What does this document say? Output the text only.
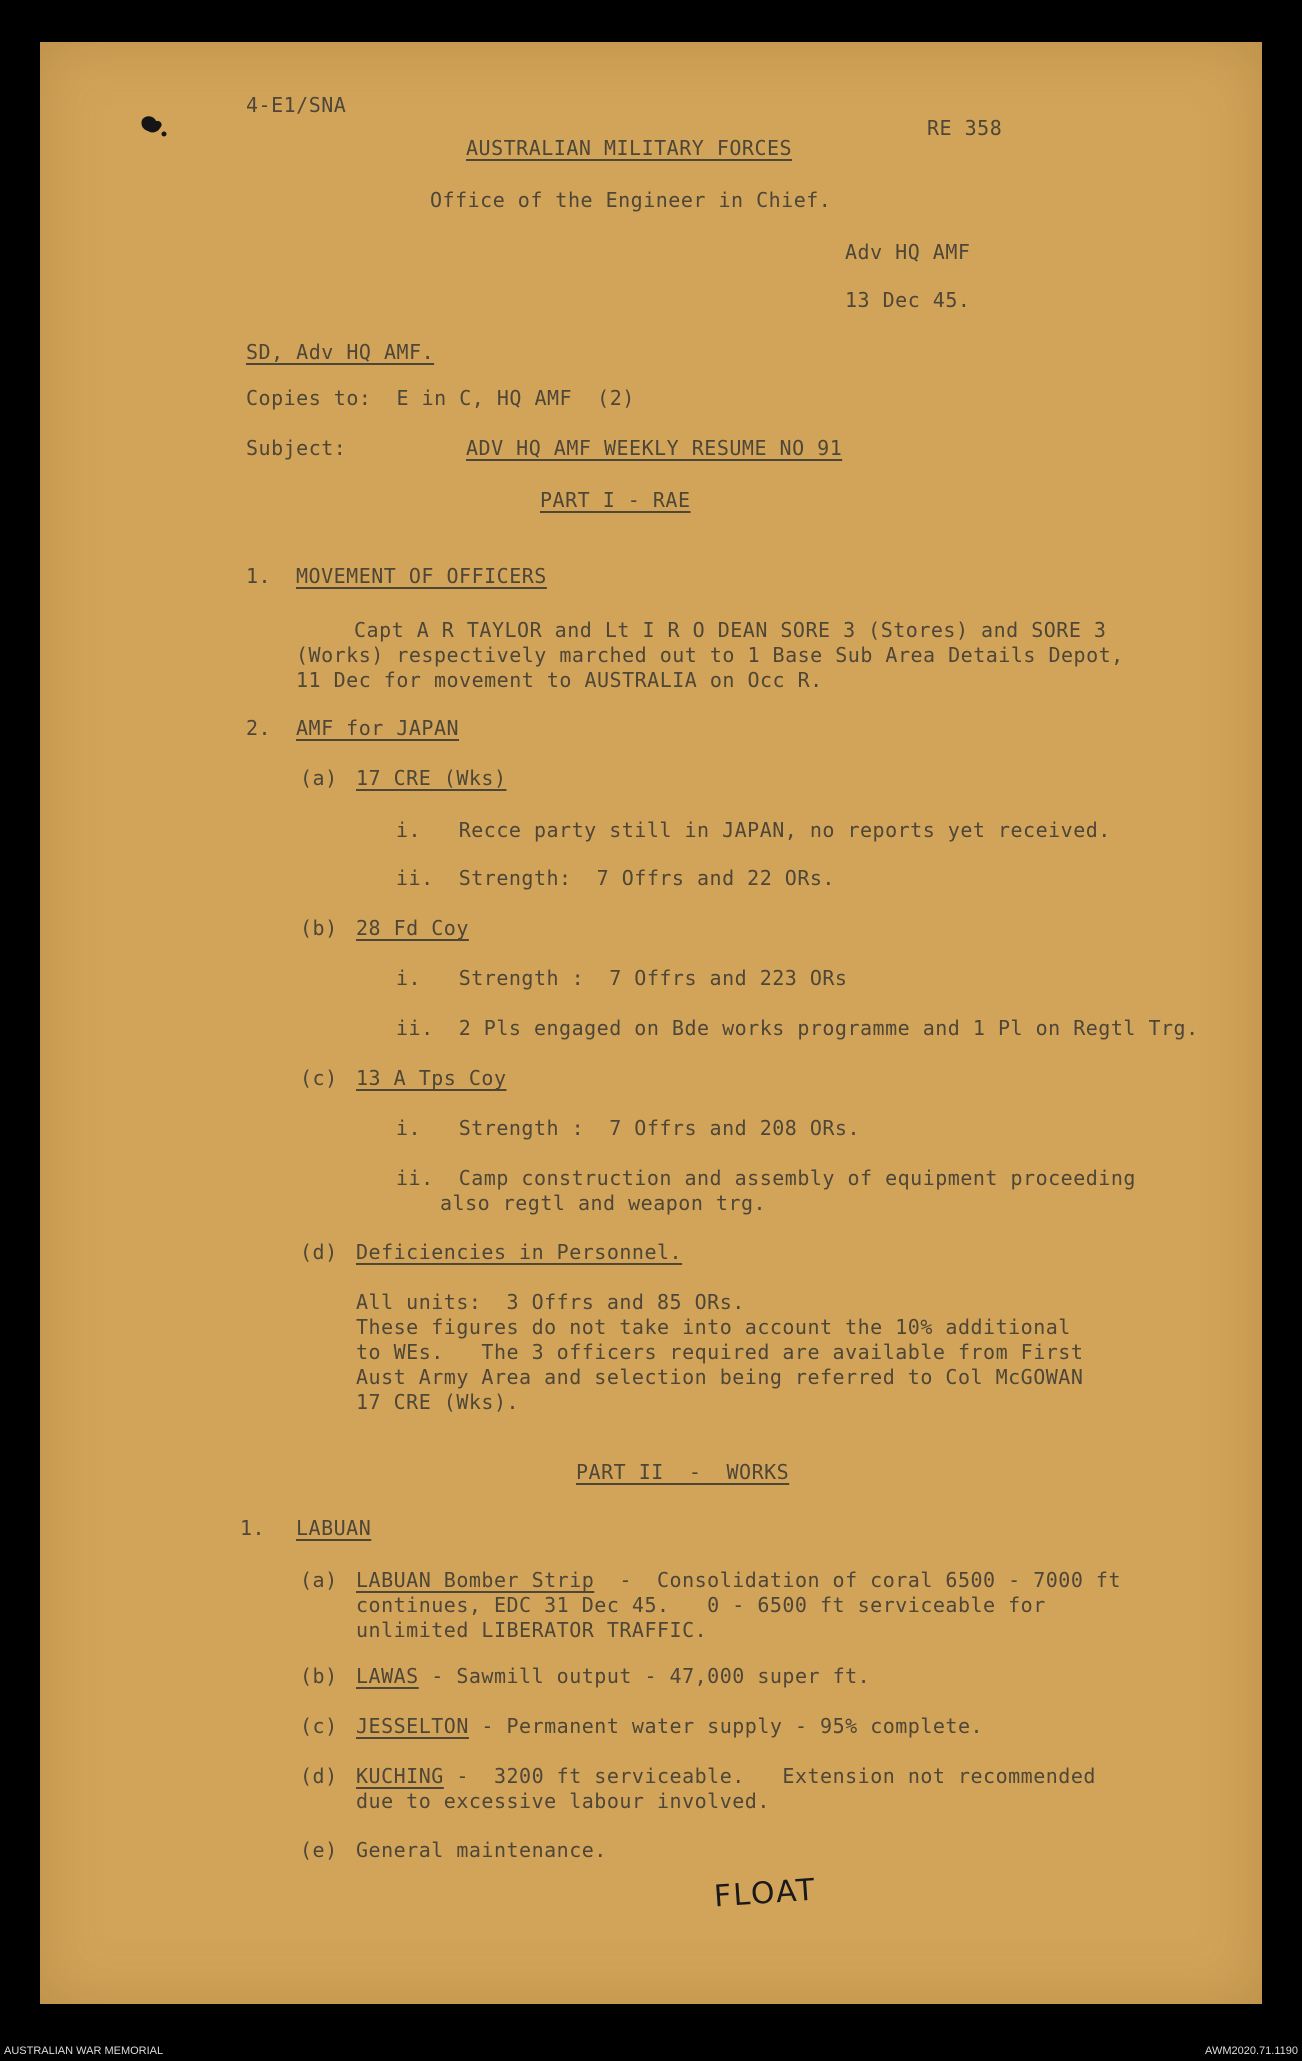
4-E1/SNA
RE 358
AUSTRALIAN MILITARY FORCES
Office of the Engineer in Chief.
Adv HQ AMF
13 Dec 45.
SD, Adv HQ AMF.
Copies to:  E in C, HQ AMF  (2)
Subject:	ADV HQ AMF WEEKLY RESUME NO 91
PART I - RAE
1. MOVEMENT OF OFFICERS
Capt A R TAYLOR and Lt I R O DEAN SORE 3 (Stores) and SORE 3
(Works) respectively marched out to 1 Base Sub Area Details Depot,
11 Dec for movement to AUSTRALIA on Occ R.
2. AMF for JAPAN
(a) 17 CRE (Wks)
i.   Recce party still in JAPAN, no reports yet received.
ii.  Strength:  7 Offrs and 22 ORs.
(b) 28 Fd Coy
i.   Strength :  7 Offrs and 223 ORs
ii.  2 Pls engaged on Bde works programme and 1 Pl on Regtl Trg.
(c) 13 A Tps Coy
i.   Strength :  7 Offrs and 208 ORs.
ii.  Camp construction and assembly of equipment proceeding
also regtl and weapon trg.
(d) Deficiencies in Personnel.
All units:  3 Offrs and 85 ORs.
These figures do not take into account the 10% additional
to WEs.   The 3 officers required are available from First
Aust Army Area and selection being referred to Col McGOWAN
17 CRE (Wks).
PART II  -  WORKS
1. LABUAN
(a) LABUAN Bomber Strip  -  Consolidation of coral 6500 - 7000 ft
continues, EDC 31 Dec 45.   0 - 6500 ft serviceable for
unlimited LIBERATOR TRAFFIC.
(b) LAWAS - Sawmill output - 47,000 super ft.
(c) JESSELTON - Permanent water supply - 95% complete.
(d) KUCHING -  3200 ft serviceable.   Extension not recommended
due to excessive labour involved.
(e) General maintenance.
FLOAT
AUSTRALIAN WAR MEMORIAL	AWM2020.71.1190
